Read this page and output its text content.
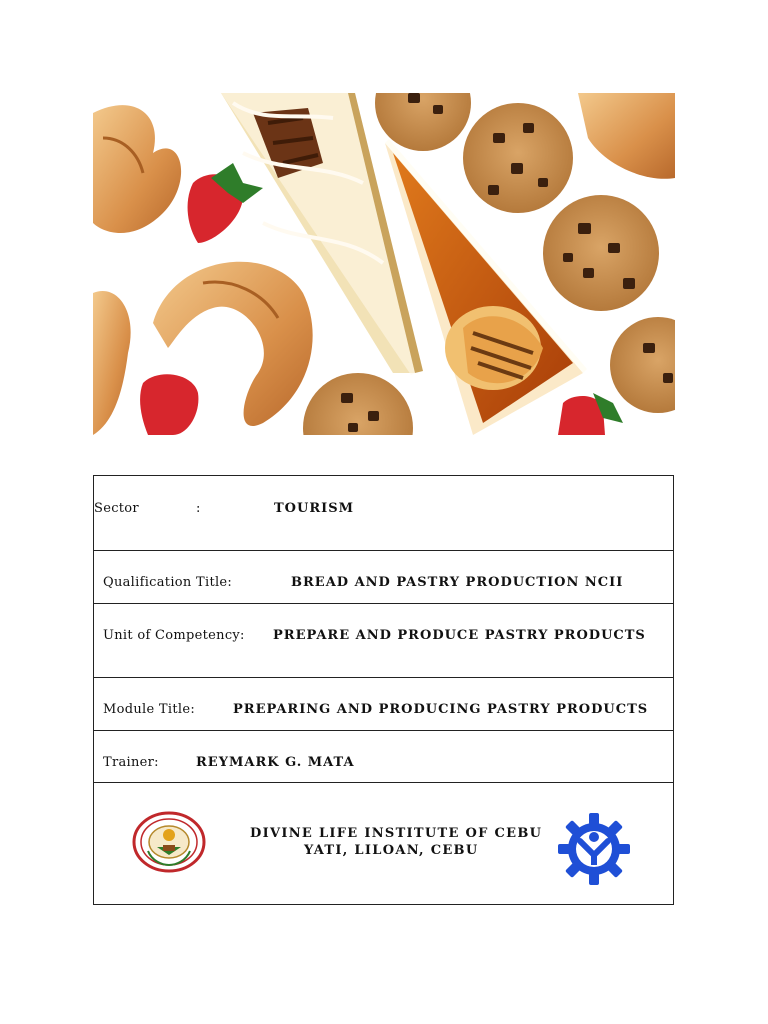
Sector	:	TOURISM

Qualification Title:	BREAD AND PASTRY PRODUCTION NCII

Unit of Competency: PREPARE AND PRODUCE PASTRY PRODUCTS

Module Title:	PREPARING AND PRODUCING PASTRY PRODUCTS

Trainer:	REYMARK G. MATA

DIVINE LIFE INSTITUTE OF CEBU
YATI, LILOAN, CEBU
